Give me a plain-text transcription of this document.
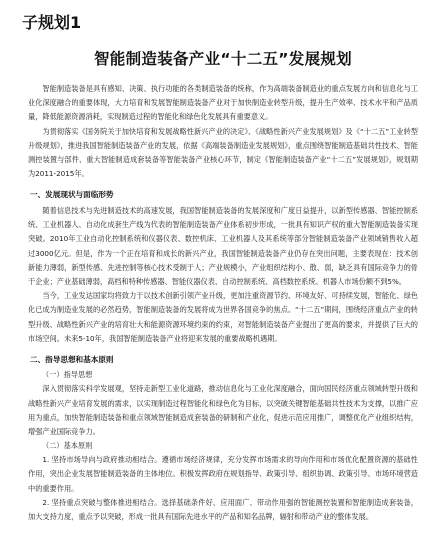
子规划1
智能制造装备产业“十二五”发展规划

智能制造装备是具有感知、决策、执行功能的各类制造装备的统称，作为高端装备制造业的重点发展方向和信息化与工业化深度融合的重要体现，大力培育和发展智能制造装备产业对于加快制造业转型升级，提升生产效率、技术水平和产品质量，降低能源资源消耗，实现制造过程的智能化和绿色化发展具有重要意义。

为贯彻落实《国务院关于加快培育和发展战略性新兴产业的决定》、《战略性新兴产业发展规划》及《“十二五”工业转型升级规划》，推进我国智能制造装备产业的发展，依据《高端装备制造业发展规划》，重点围绕智能制造基础共性技术、智能测控装置与部件、重大智能制造成套装备等智能装备产业核心环节，制定《智能制造装备产业“十二五”发展规划》，规划期为2011-2015年。

一、发展现状与面临形势

随着信息技术与先进制造技术的高速发展，我国智能制造装备的发展深度和广度日益提升，以新型传感器、智能控制系统、工业机器人、自动化成套生产线为代表的智能制造装备产业体系初步形成，一批具有知识产权的重大智能制造装备实现突破。2010年工业自动化控制系统和仪器仪表、数控机床、工业机器人及其系统等部分智能制造装备产业领域销售收入超过3000亿元。但是，作为一个正在培育和成长的新兴产业，我国智能制造装备产业仍存在突出问题，主要表现在：技术创新能力薄弱，新型传感、先进控制等核心技术受制于人；产业规模小，产业组织结构小、散、弱，缺乏具有国际竞争力的骨干企业；产业基础薄弱，高档和特种传感器、智能仪器仪表、自动控制系统、高档数控系统、机器人市场份额不到5%。

当今，工业发达国家均将致力于以技术创新引领产业升级，更加注重资源节约、环境友好、可持续发展，智能化、绿色化已成为制造业发展的必然趋势，智能制造装备的发展将成为世界各国竞争的焦点。“十二五”期间，围绕经济重点产业的转型升级、战略性新兴产业的培育壮大和能源资源环境约束的约束，对智能制造装备产业提出了更高的要求，并提供了巨大的市场空间。未来5-10年，我国智能制造装备产业将迎来发展的重要战略机遇期。

二、指导思想和基本原则
（一）指导思想

深入贯彻落实科学发展观，坚持走新型工业化道路，推动信息化与工业化深度融合，面向国民经济重点领域转型升级和战略性新兴产业培育发展的需求，以实现制造过程智能化和绿色化为目标，以突破关键智能基础共性技术为支撑，以推广应用为重点，加快智能制造装备和重点领域智能制造成套装备的研制和产业化，促进示范应用推广，调整优化产业组织结构，增强产业国际竞争力。

（二）基本原则

1. 坚持市场导向与政府推动相结合。遵循市场经济规律，充分发挥市场需求的导向作用和市场优化配置资源的基础性作用，突出企业发展智能制造装备的主体地位。积极发挥政府在规划指导、政策引导、组织协调、政策引导、市场环境营造中的重要作用。

2. 坚持重点突破与整体推进相结合。选择基础条件好、应用面广、带动作用强的智能测控装置和智能制造成套装备，加大支持力度，重点予以突破，形成一批具有国际先进水平的产品和知名品牌，辐射和带动产业的整体发展。
